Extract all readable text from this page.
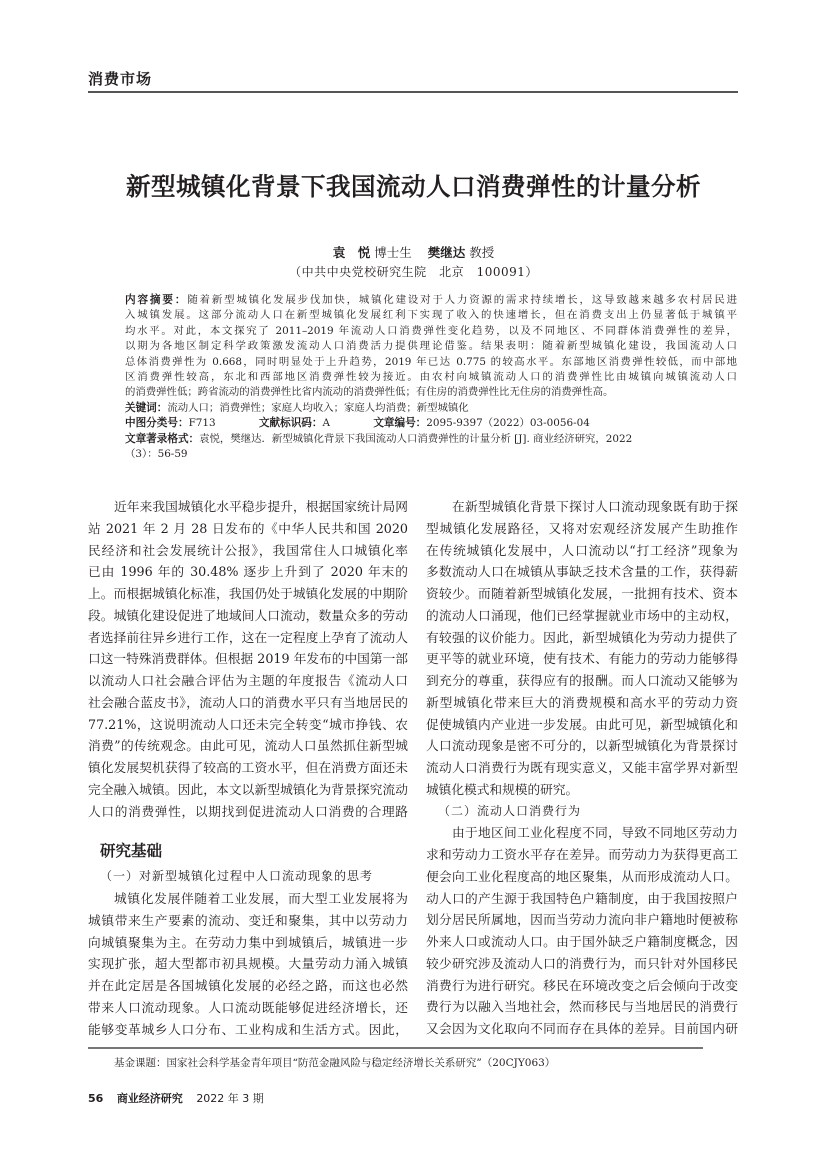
消费市场
新型城镇化背景下我国流动人口消费弹性的计量分析
袁　悦 博士生 樊继达 教授
（中共中央党校研究生院　北京　100091）
内容摘要：随着新型城镇化发展步伐加快，城镇化建设对于人力资源的需求持续增长，这导致越来越多农村居民进
入城镇发展。这部分流动人口在新型城镇化发展红利下实现了收入的快速增长，但在消费支出上仍显著低于城镇平
均水平。对此，本文探究了 2011–2019 年流动人口消费弹性变化趋势，以及不同地区、不同群体消费弹性的差异，
以期为各地区制定科学政策激发流动人口消费活力提供理论借鉴。结果表明：随着新型城镇化建设，我国流动人口
总体消费弹性为 0.668，同时明显处于上升趋势，2019 年已达 0.775 的较高水平。东部地区消费弹性较低，而中部地
区消费弹性较高，东北和西部地区消费弹性较为接近。由农村向城镇流动人口的消费弹性比由城镇向城镇流动人口
的消费弹性低；跨省流动的消费弹性比省内流动的消费弹性低；有住房的消费弹性比无住房的消费弹性高。
关键词：流动人口；消费弹性；家庭人均收入；家庭人均消费；新型城镇化
中图分类号：F713	文献标识码：A	文章编号：2095-9397（2022）03-0056-04
文章著录格式：袁悦，樊继达．新型城镇化背景下我国流动人口消费弹性的计量分析 [J]. 商业经济研究，2022
（3）：56-59
近年来我国城镇化水平稳步提升，根据国家统计局网
站 2021 年 2 月 28 日发布的《中华人民共和国 2020
民经济和社会发展统计公报》，我国常住人口城镇化率
已由 1996 年的 30.48% 逐步上升到了 2020 年末的
上。而根据城镇化标准，我国仍处于城镇化发展的中期阶
段。城镇化建设促进了地域间人口流动，数量众多的劳动
者选择前往异乡进行工作，这在一定程度上孕育了流动人
口这一特殊消费群体。但根据 2019 年发布的中国第一部
以流动人口社会融合评估为主题的年度报告《流动人口
社会融合蓝皮书》，流动人口的消费水平只有当地居民的
77.21%，这说明流动人口还未完全转变“城市挣钱、农
消费”的传统观念。由此可见，流动人口虽然抓住新型城
镇化发展契机获得了较高的工资水平，但在消费方面还未
完全融入城镇。因此，本文以新型城镇化为背景探究流动
人口的消费弹性，以期找到促进流动人口消费的合理路
研究基础
（一）对新型城镇化过程中人口流动现象的思考
城镇化发展伴随着工业发展，而大型工业发展将为
城镇带来生产要素的流动、变迁和聚集，其中以劳动力
向城镇聚集为主。在劳动力集中到城镇后，城镇进一步
实现扩张，超大型都市初具规模。大量劳动力涌入城镇
并在此定居是各国城镇化发展的必经之路，而这也必然
带来人口流动现象。人口流动既能够促进经济增长，还
能够变革城乡人口分布、工业构成和生活方式。因此，
在新型城镇化背景下探讨人口流动现象既有助于探
型城镇化发展路径，又将对宏观经济发展产生助推作
在传统城镇化发展中，人口流动以“打工经济”现象为
多数流动人口在城镇从事缺乏技术含量的工作，获得薪
资较少。而随着新型城镇化发展，一批拥有技术、资本
的流动人口涌现，他们已经掌握就业市场中的主动权，
有较强的议价能力。因此，新型城镇化为劳动力提供了
更平等的就业环境，使有技术、有能力的劳动力能够得
到充分的尊重，获得应有的报酬。而人口流动又能够为
新型城镇化带来巨大的消费规模和高水平的劳动力资
促使城镇内产业进一步发展。由此可见，新型城镇化和
人口流动现象是密不可分的，以新型城镇化为背景探讨
流动人口消费行为既有现实意义，又能丰富学界对新型
城镇化模式和规模的研究。
（二）流动人口消费行为
由于地区间工业化程度不同，导致不同地区劳动力
求和劳动力工资水平存在差异。而劳动力为获得更高工
便会向工业化程度高的地区聚集，从而形成流动人口。
动人口的产生源于我国特色户籍制度，由于我国按照户
划分居民所属地，因而当劳动力流向非户籍地时便被称
外来人口或流动人口。由于国外缺乏户籍制度概念，因
较少研究涉及流动人口的消费行为，而只针对外国移民
消费行为进行研究。移民在环境改变之后会倾向于改变
费行为以融入当地社会，然而移民与当地居民的消费行
又会因为文化取向不同而存在具体的差异。目前国内研
基金课题：国家社会科学基金青年项目“防范金融风险与稳定经济增长关系研究”（20CJY063）
56 商业经济研究 2022 年 3 期
